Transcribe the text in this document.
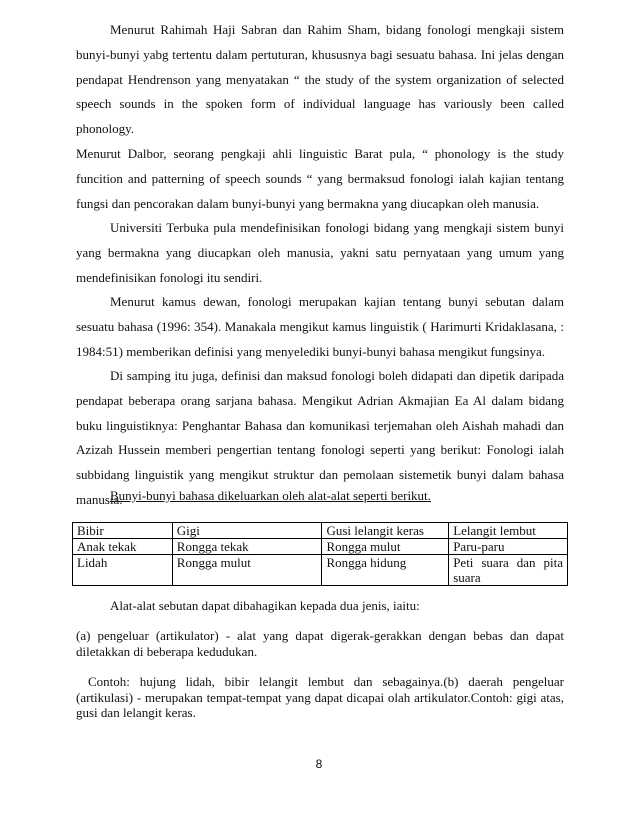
Menurut Rahimah Haji Sabran dan Rahim Sham, bidang fonologi mengkaji sistem bunyi-bunyi yabg tertentu dalam pertuturan, khususnya bagi sesuatu bahasa. Ini jelas dengan pendapat Hendrenson yang menyatakan “ the study of the system organization of selected speech sounds in the spoken form of individual language has variously been called phonology.

Menurut Dalbor, seorang pengkaji ahli linguistic Barat pula, “ phonology is the study funcition and patterning of speech sounds “ yang bermaksud fonologi ialah kajian tentang fungsi dan pencorakan dalam bunyi-bunyi yang bermakna yang diucapkan oleh manusia.

Universiti Terbuka pula mendefinisikan fonologi bidang yang mengkaji sistem bunyi yang bermakna yang diucapkan oleh manusia, yakni satu pernyataan yang umum yang mendefinisikan fonologi itu sendiri.

Menurut kamus dewan, fonologi merupakan kajian tentang bunyi sebutan dalam sesuatu bahasa (1996: 354). Manakala mengikut kamus linguistik ( Harimurti Kridaklasana, : 1984:51) memberikan definisi yang menyelediki bunyi-bunyi bahasa mengikut fungsinya.

Di samping itu juga, definisi dan maksud fonologi boleh didapati dan dipetik daripada pendapat beberapa orang sarjana bahasa. Mengikut Adrian Akmajian Ea Al dalam bidang buku linguistiknya: Penghantar Bahasa dan komunikasi terjemahan oleh Aishah mahadi dan Azizah Hussein memberi pengertian tentang fonologi seperti yang berikut: Fonologi ialah subbidang linguistik yang mengikut struktur dan pemolaan sistemetik bunyi dalam bahasa manusia.

Bunyi-bunyi bahasa dikeluarkan oleh alat-alat seperti berikut.

Bibir	Gigi	Gusi lelangit keras	Lelangit lembut
Anak tekak	Rongga tekak	Rongga mulut	Paru-paru
Lidah	Rongga mulut	Rongga hidung	Peti suara dan pita suara

Alat-alat sebutan dapat dibahagikan kepada dua jenis, iaitu:

(a) pengeluar (artikulator) - alat yang dapat digerak-gerakkan dengan bebas dan dapat diletakkan di beberapa kedudukan.

Contoh: hujung lidah, bibir lelangit lembut dan sebagainya.(b) daerah pengeluar (artikulasi) - merupakan tempat-tempat yang dapat dicapai olah artikulator.Contoh: gigi atas, gusi dan lelangit keras.

8
